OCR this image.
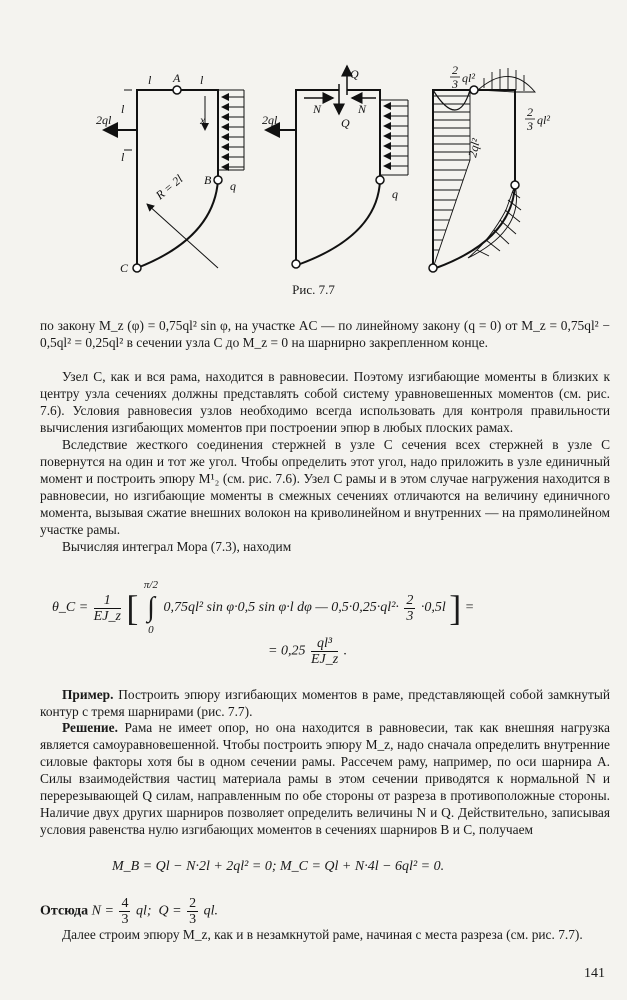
l A l
l
l
2ql	x
R = 2l B q
C
Q
Q
N	N
2ql
q
2
3 ql²
2
3 ql²
2ql²
Рис. 7.7

по закону M_z (φ) = 0,75ql² sin φ, на участке AC — по линейному закону (q = 0) от M_z = 0,75ql² − 0,5ql² = 0,25ql² в сечении узла C до M_z = 0 на шарнирно закрепленном конце.

Узел C, как и вся рама, находится в равновесии. Поэтому изгибающие моменты в близких к центру узла сечениях должны представлять собой систему уравновешенных моментов (см. рис. 7.6). Условия равновесия узлов необходимо всегда использовать для контроля правильности вычисления изгибающих моментов при построении эпюр в любых плоских рамах.

Вследствие жесткого соединения стержней в узле C сечения всех стержней в узле C повернутся на один и тот же угол. Чтобы определить этот угол, надо приложить в узле единичный момент и построить эпюру M¹₂ (см. рис. 7.6). Узел C рамы и в этом случае нагружения находится в равновесии, но изгибающие моменты в смежных сечениях отличаются на величину единичного момента, вызывая сжатие внешних волокон на криволинейном и внутренних — на прямолинейном участке рамы.

Вычисляя интеграл Мора (7.3), находим

θ_C = $\frac{1}{EJ\_z}$ [
π/2
∫
0
0,75ql² sin φ·0,5 sin φ·l dφ — $0,5\cdot 0,25\cdot ql^2\cdot \frac{2}{3} \cdot 0,5l$ ] =
= $0,25 \frac{\text{ql³}}{EJ\_z}$ .

Пример. Построить эпюру изгибающих моментов в раме, представляющей собой замкнутый контур с тремя шарнирами (рис. 7.7).

Решение. Рама не имеет опор, но она находится в равновесии, так как внешняя нагрузка является самоуравновешенной. Чтобы построить эпюру M_z, надо сначала определить внутренние силовые факторы хотя бы в одном сечении рамы. Рассечем раму, например, по оси шарнира A. Силы взаимодействия частиц материала рамы в этом сечении приводятся к нормальной N и перерезывающей Q силам, направленным по обе стороны от разреза в противоположные стороны. Наличие двух других шарниров позволяет определить величины N и Q. Действительно, записывая условия равенства нулю изгибающих моментов в сечениях шарниров B и C, получаем

M_B = Ql − N·2l + 2ql² = 0; M_C = Ql + N·4l − 6ql² = 0.
Отсюда $N = \frac{4}{3}$ ql; $Q = \frac{2}{3}$ ql.

Далее строим эпюру M_z, как и в незамкнутой раме, начиная с места разреза (см. рис. 7.7).

141
